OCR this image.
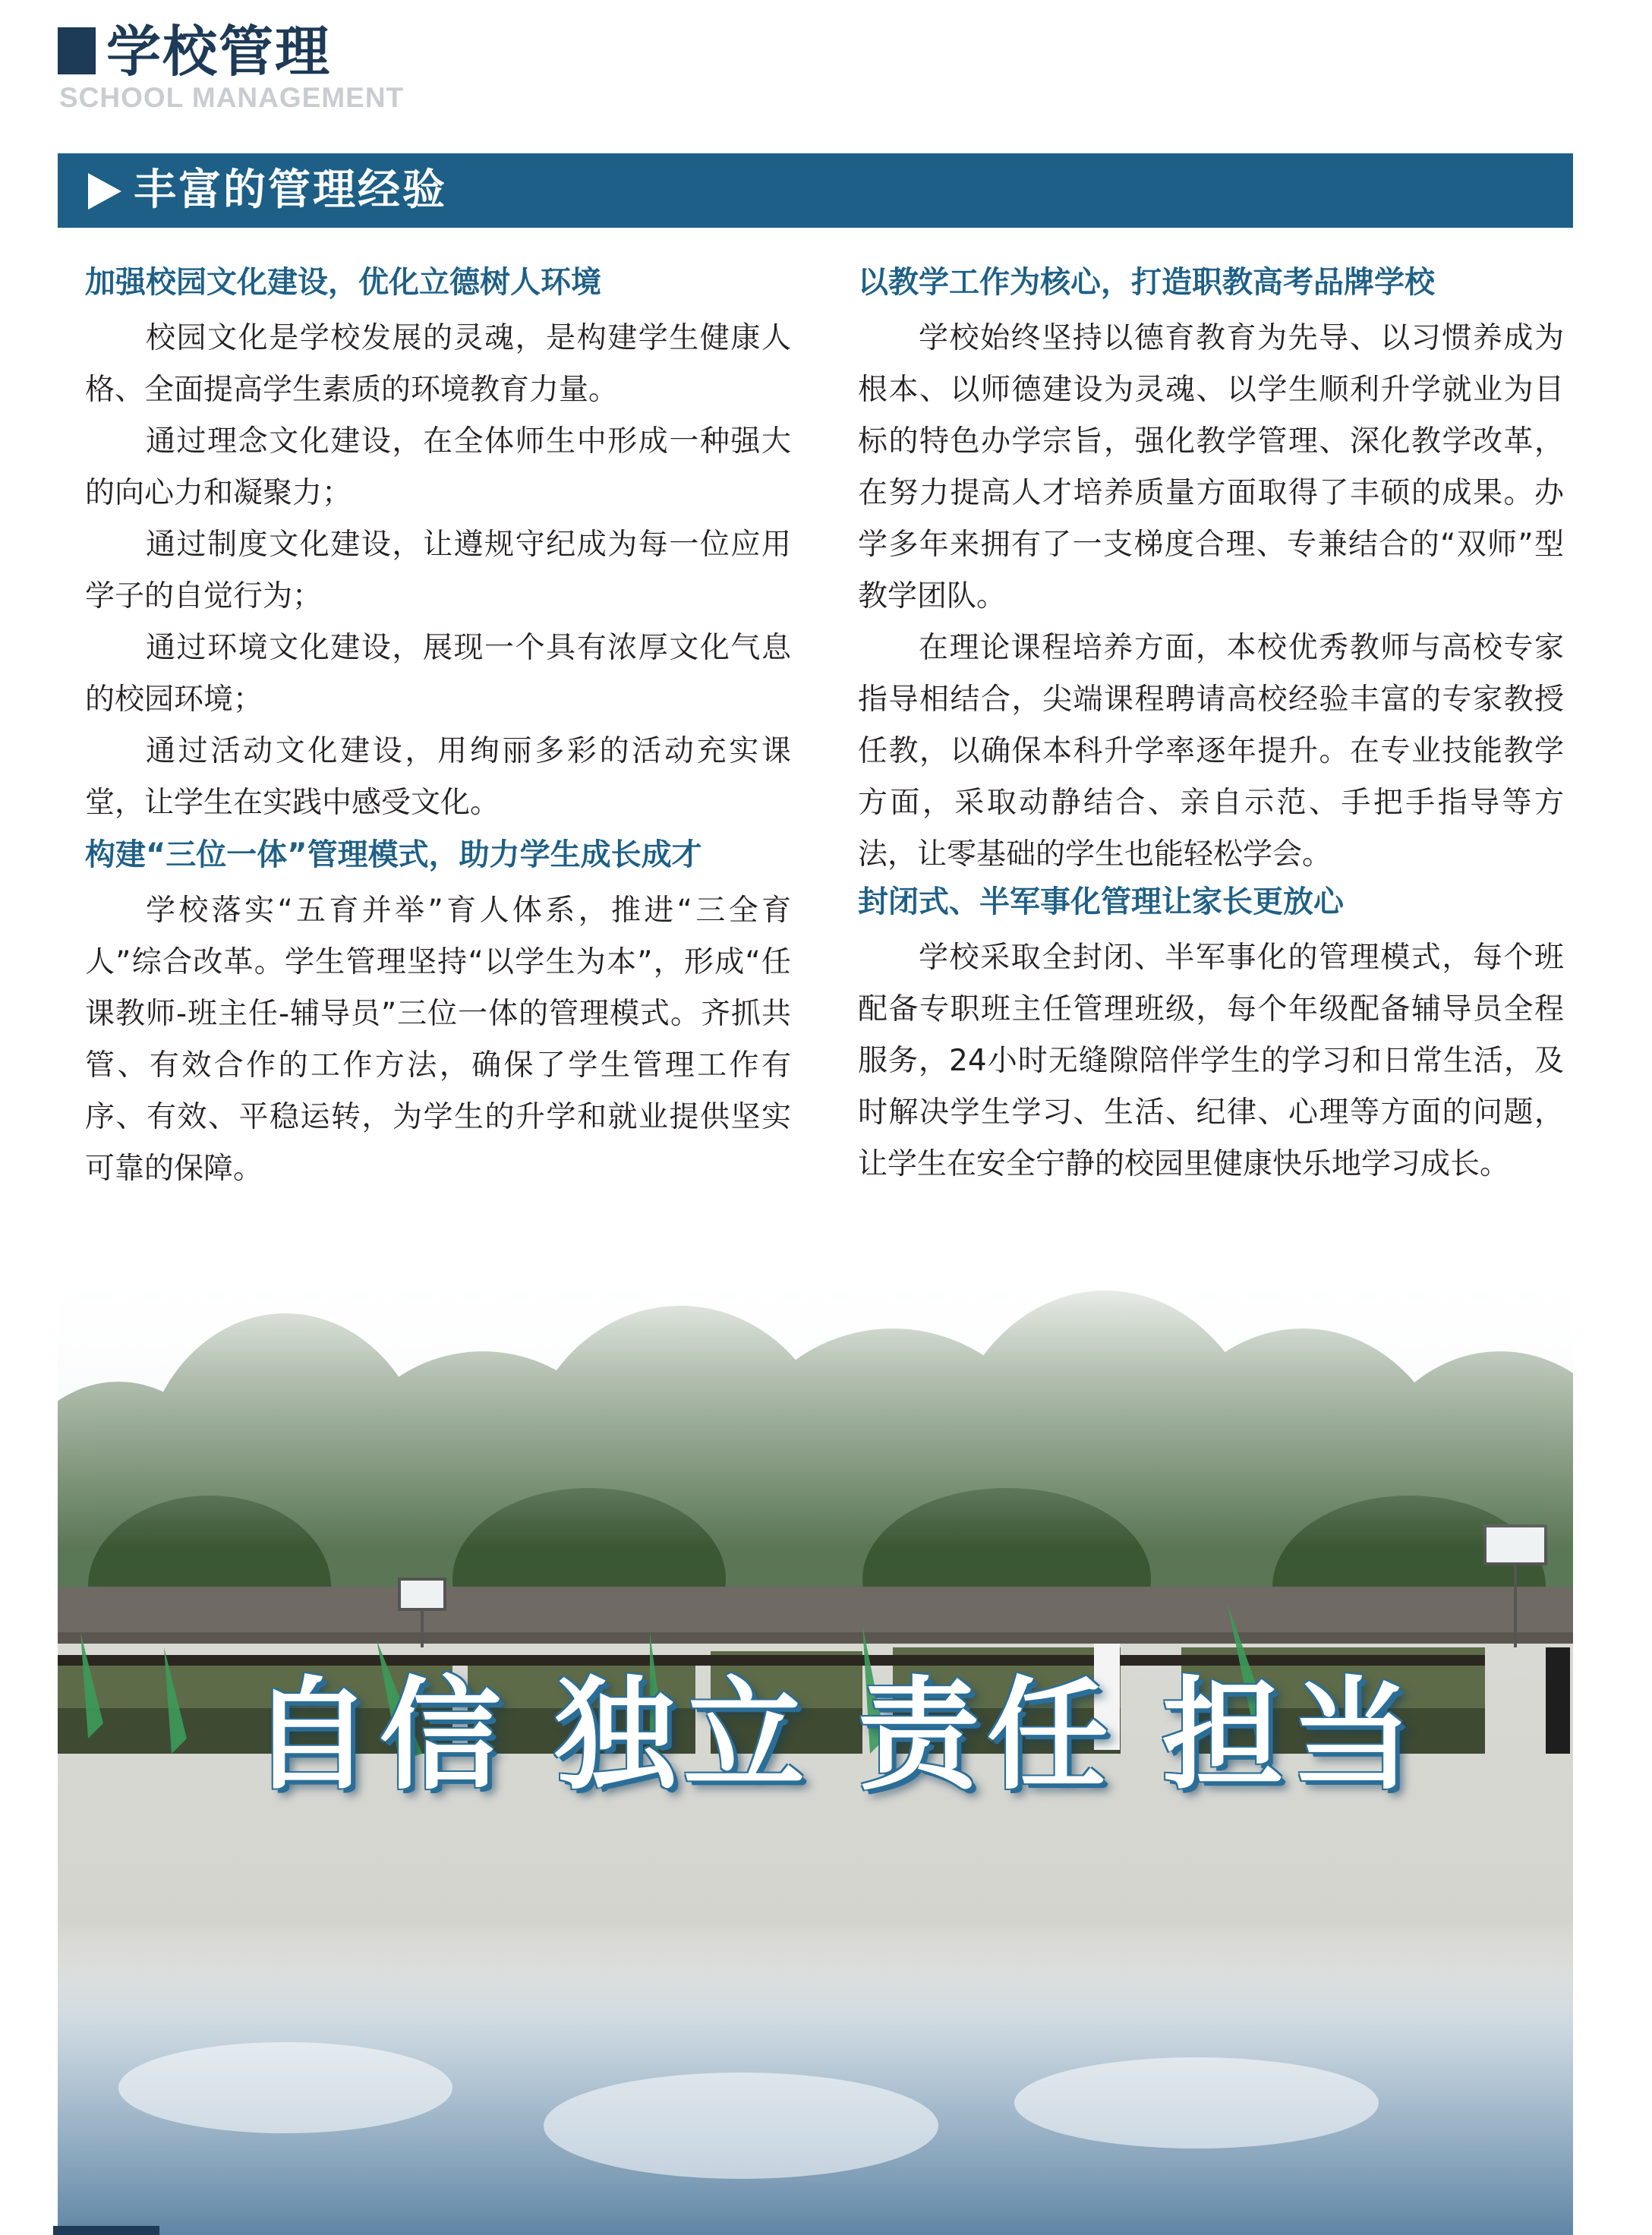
学校管理
SCHOOL MANAGEMENT
丰富的管理经验
加强校园文化建设，优化立德树人环境

校园文化是学校发展的灵魂，是构建学生健康人格、全面提高学生素质的环境教育力量。

通过理念文化建设，在全体师生中形成一种强大的向心力和凝聚力；

通过制度文化建设，让遵规守纪成为每一位应用学子的自觉行为；

通过环境文化建设，展现一个具有浓厚文化气息的校园环境；

通过活动文化建设，用绚丽多彩的活动充实课堂，让学生在实践中感受文化。

构建“三位一体”管理模式，助力学生成长成才

学校落实“五育并举”育人体系，推进“三全育人”综合改革。学生管理坚持“以学生为本”，形成“任课教师-班主任-辅导员”三位一体的管理模式。齐抓共管、有效合作的工作方法，确保了学生管理工作有序、有效、平稳运转，为学生的升学和就业提供坚实可靠的保障。

以教学工作为核心，打造职教高考品牌学校

学校始终坚持以德育教育为先导、以习惯养成为根本、以师德建设为灵魂、以学生顺利升学就业为目标的特色办学宗旨，强化教学管理、深化教学改革，在努力提高人才培养质量方面取得了丰硕的成果。办学多年来拥有了一支梯度合理、专兼结合的“双师”型教学团队。

在理论课程培养方面，本校优秀教师与高校专家指导相结合，尖端课程聘请高校经验丰富的专家教授任教，以确保本科升学率逐年提升。在专业技能教学方面，采取动静结合、亲自示范、手把手指导等方法，让零基础的学生也能轻松学会。

封闭式、半军事化管理让家长更放心

学校采取全封闭、半军事化的管理模式，每个班配备专职班主任管理班级，每个年级配备辅导员全程服务，24小时无缝隙陪伴学生的学习和日常生活，及时解决学生学习、生活、纪律、心理等方面的问题，让学生在安全宁静的校园里健康快乐地学习成长。

自信 独立 责任 担当
